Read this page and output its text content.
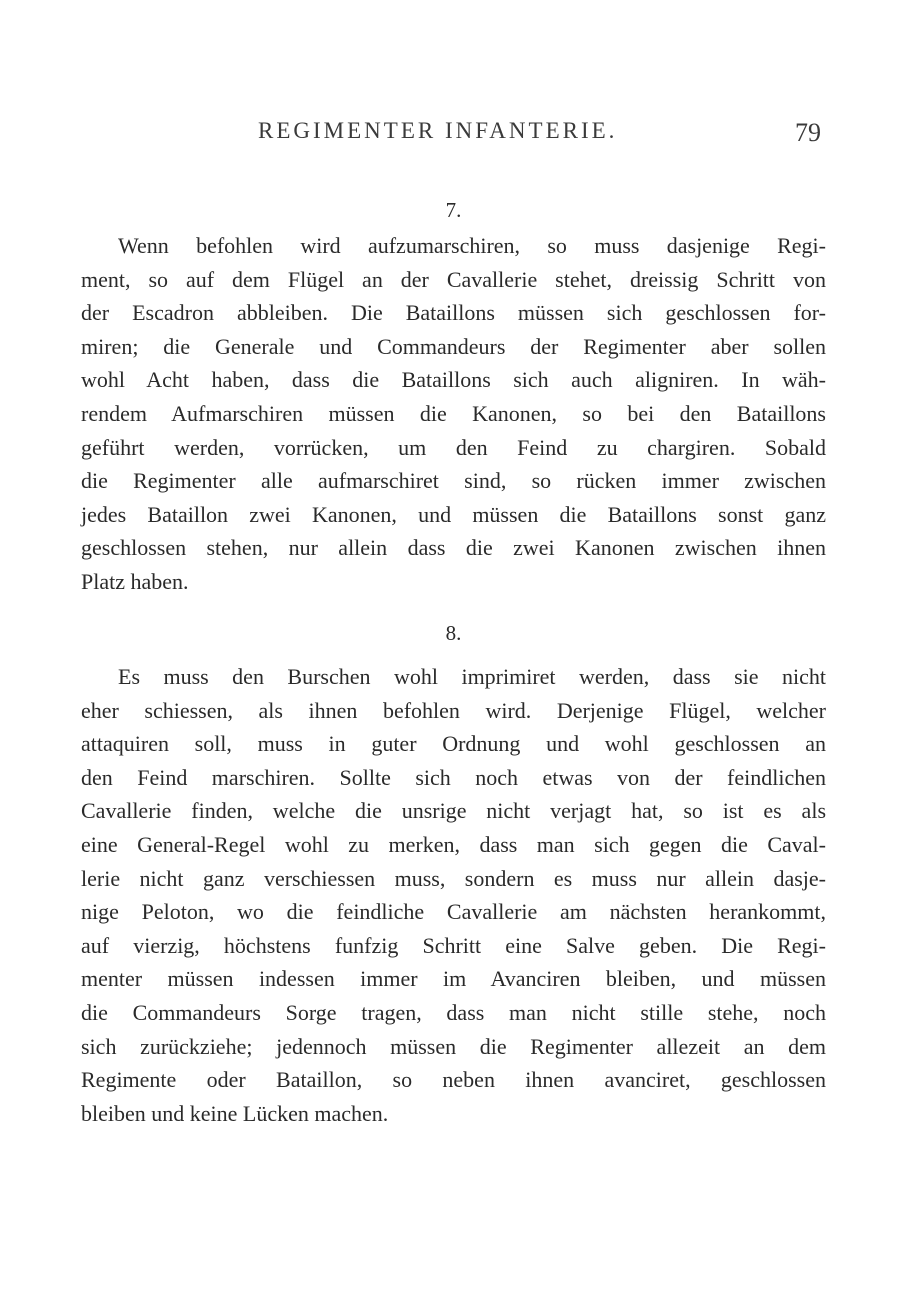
REGIMENTER INFANTERIE.	79
7.
Wenn befohlen wird aufzumarschiren, so muss dasjenige Regi-
ment, so auf dem Flügel an der Cavallerie stehet, dreissig Schritt von
der Escadron abbleiben. Die Bataillons müssen sich geschlossen for-
miren; die Generale und Commandeurs der Regimenter aber sollen
wohl Acht haben, dass die Bataillons sich auch aligniren. In wäh-
rendem Aufmarschiren müssen die Kanonen, so bei den Bataillons
geführt werden, vorrücken, um den Feind zu chargiren. Sobald
die Regimenter alle aufmarschiret sind, so rücken immer zwischen
jedes Bataillon zwei Kanonen, und müssen die Bataillons sonst ganz
geschlossen stehen, nur allein dass die zwei Kanonen zwischen ihnen
Platz haben.
8.
Es muss den Burschen wohl imprimiret werden, dass sie nicht
eher schiessen, als ihnen befohlen wird. Derjenige Flügel, welcher
attaquiren soll, muss in guter Ordnung und wohl geschlossen an
den Feind marschiren. Sollte sich noch etwas von der feindlichen
Cavallerie finden, welche die unsrige nicht verjagt hat, so ist es als
eine General-Regel wohl zu merken, dass man sich gegen die Caval-
lerie nicht ganz verschiessen muss, sondern es muss nur allein dasje-
nige Peloton, wo die feindliche Cavallerie am nächsten herankommt,
auf vierzig, höchstens funfzig Schritt eine Salve geben. Die Regi-
menter müssen indessen immer im Avanciren bleiben, und müssen
die Commandeurs Sorge tragen, dass man nicht stille stehe, noch
sich zurückziehe; jedennoch müssen die Regimenter allezeit an dem
Regimente oder Bataillon, so neben ihnen avanciret, geschlossen
bleiben und keine Lücken machen.
